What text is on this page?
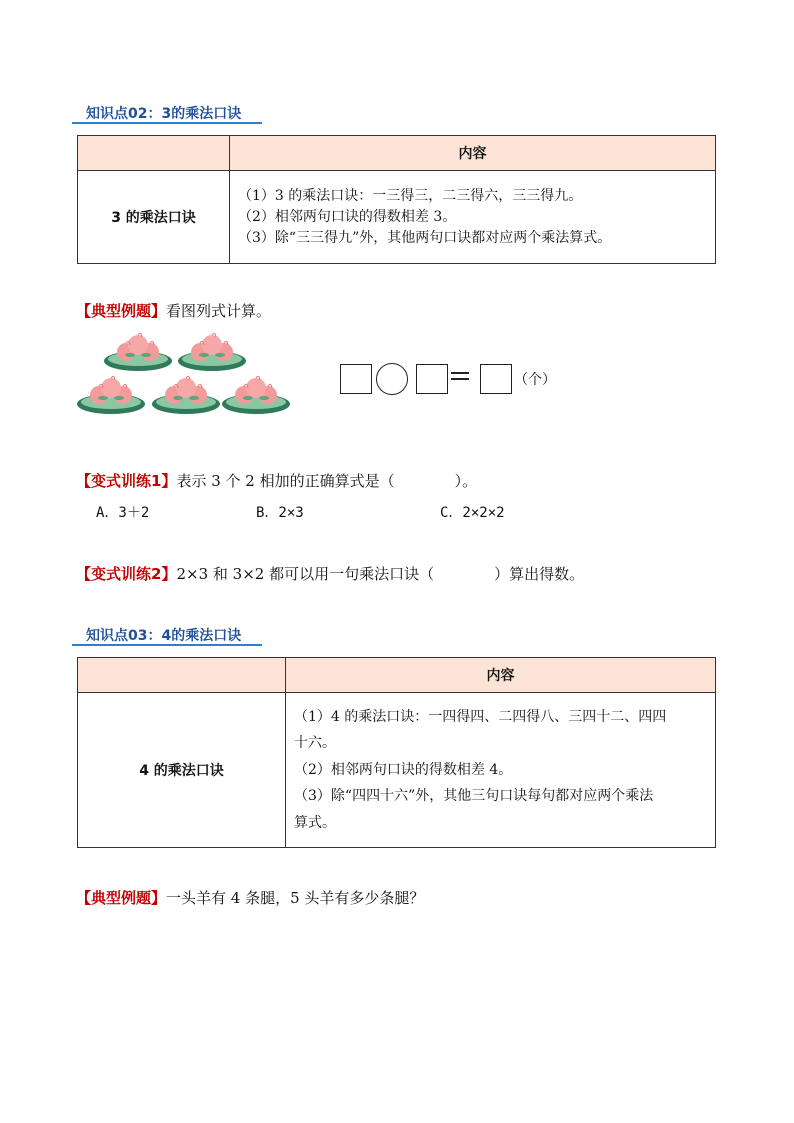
知识点02：3的乘法口诀
	内容
3 的乘法口诀	（1）3 的乘法口诀：一三得三，二三得六，三三得九。
（2）相邻两句口诀的得数相差 3。
（3）除“三三得九”外，其他两句口诀都对应两个乘法算式。
【典型例题】看图列式计算。
（个）
【变式训练1】表示 3 个 2 相加的正确算式是（　　　　）。
A．3＋2	B．2×3	C．2×2×2
【变式训练2】2×3 和 3×2 都可以用一句乘法口诀（　　　　）算出得数。
知识点03：4的乘法口诀
	内容
4 的乘法口诀	（1）4 的乘法口诀：一四得四、二四得八、三四十二、四四
十六。
（2）相邻两句口诀的得数相差 4。
（3）除“四四十六”外，其他三句口诀每句都对应两个乘法
算式。
【典型例题】一头羊有 4 条腿，5 头羊有多少条腿？
